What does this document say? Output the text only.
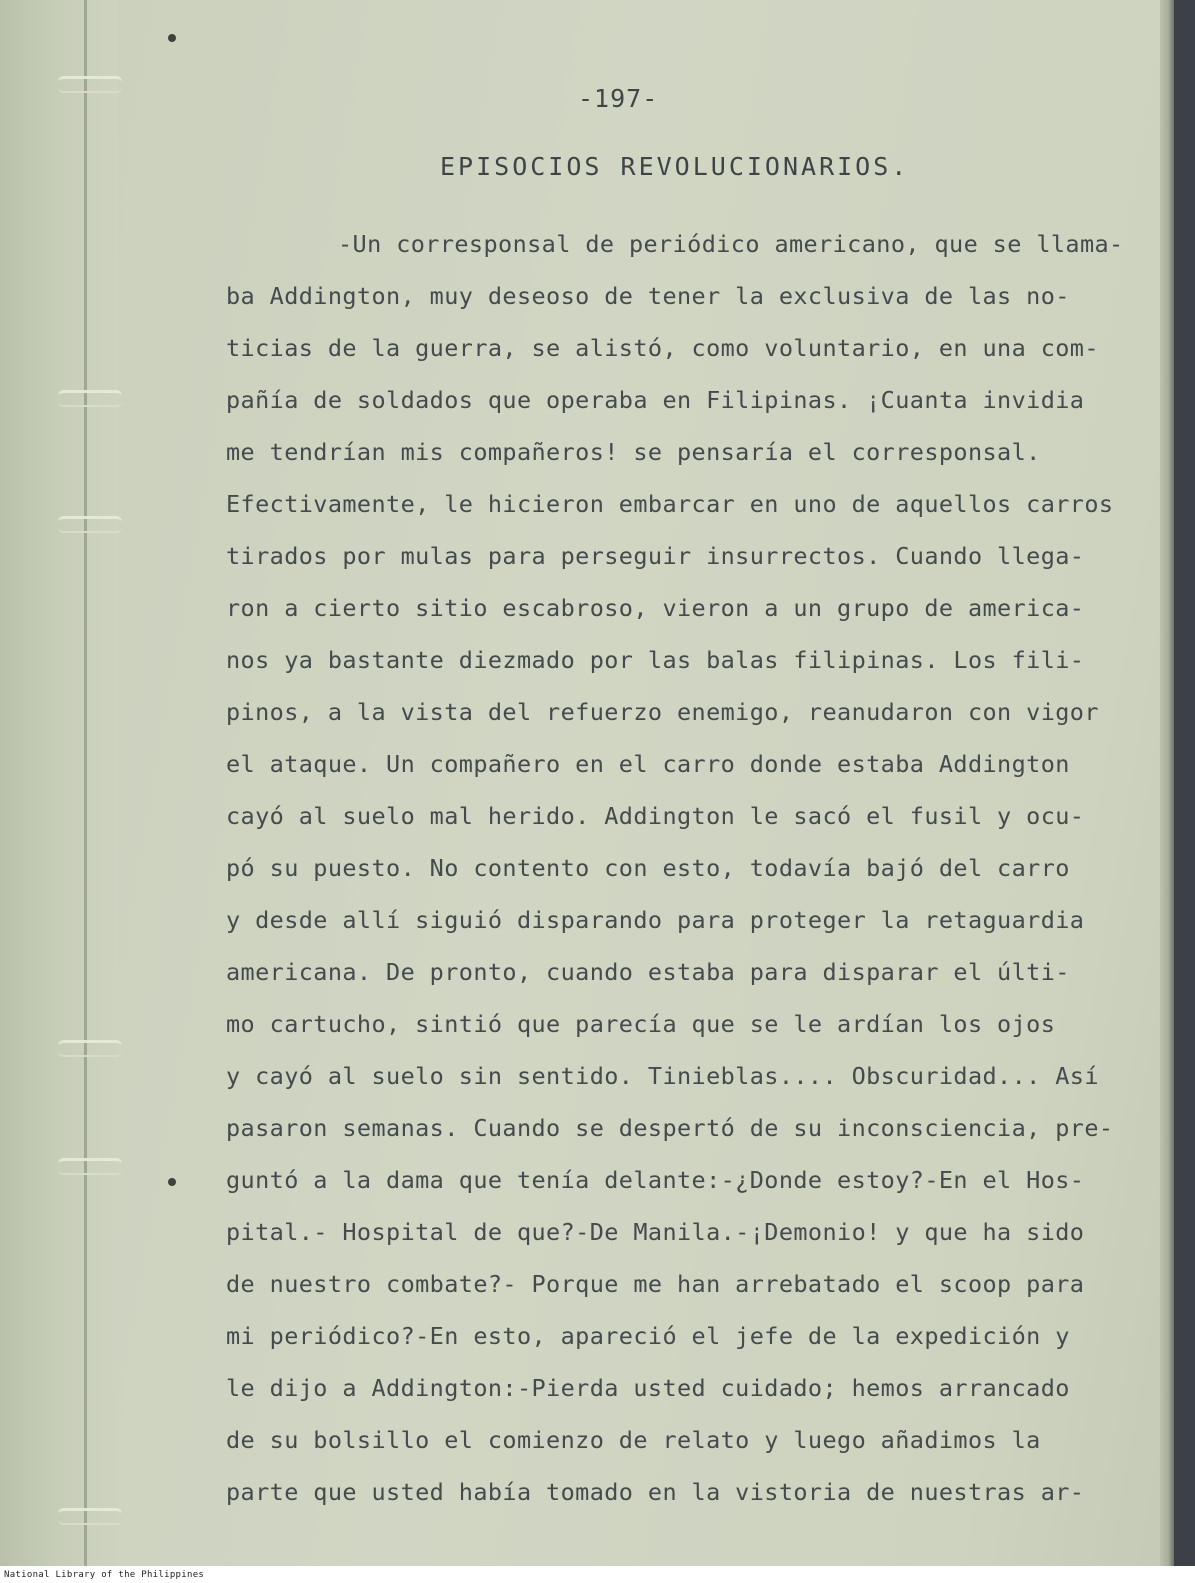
-197-
EPISOCIOS REVOLUCIONARIOS.
-Un corresponsal de periódico americano, que se llama-
ba Addington, muy deseoso de tener la exclusiva de las no-
ticias de la guerra, se alistó, como voluntario, en una com-
pañía de soldados que operaba en Filipinas. ¡Cuanta invidia
me tendrían mis compañeros! se pensaría el corresponsal.
Efectivamente, le hicieron embarcar en uno de aquellos carros
tirados por mulas para perseguir insurrectos. Cuando llega-
ron a cierto sitio escabroso, vieron a un grupo de america-
nos ya bastante diezmado por las balas filipinas. Los fili-
pinos, a la vista del refuerzo enemigo, reanudaron con vigor
el ataque. Un compañero en el carro donde estaba Addington
cayó al suelo mal herido. Addington le sacó el fusil y ocu-
pó su puesto. No contento con esto, todavía bajó del carro
y desde allí siguió disparando para proteger la retaguardia
americana. De pronto, cuando estaba para disparar el últi-
mo cartucho, sintió que parecía que se le ardían los ojos
y cayó al suelo sin sentido. Tinieblas.... Obscuridad... Así
pasaron semanas. Cuando se despertó de su inconsciencia, pre-
guntó a la dama que tenía delante:-¿Donde estoy?-En el Hos-
pital.- Hospital de que?-De Manila.-¡Demonio! y que ha sido
de nuestro combate?- Porque me han arrebatado el scoop para
mi periódico?-En esto, apareció el jefe de la expedición y
le dijo a Addington:-Pierda usted cuidado; hemos arrancado
de su bolsillo el comienzo de relato y luego añadimos la
parte que usted había tomado en la vistoria de nuestras ar-
National Library of the Philippines
